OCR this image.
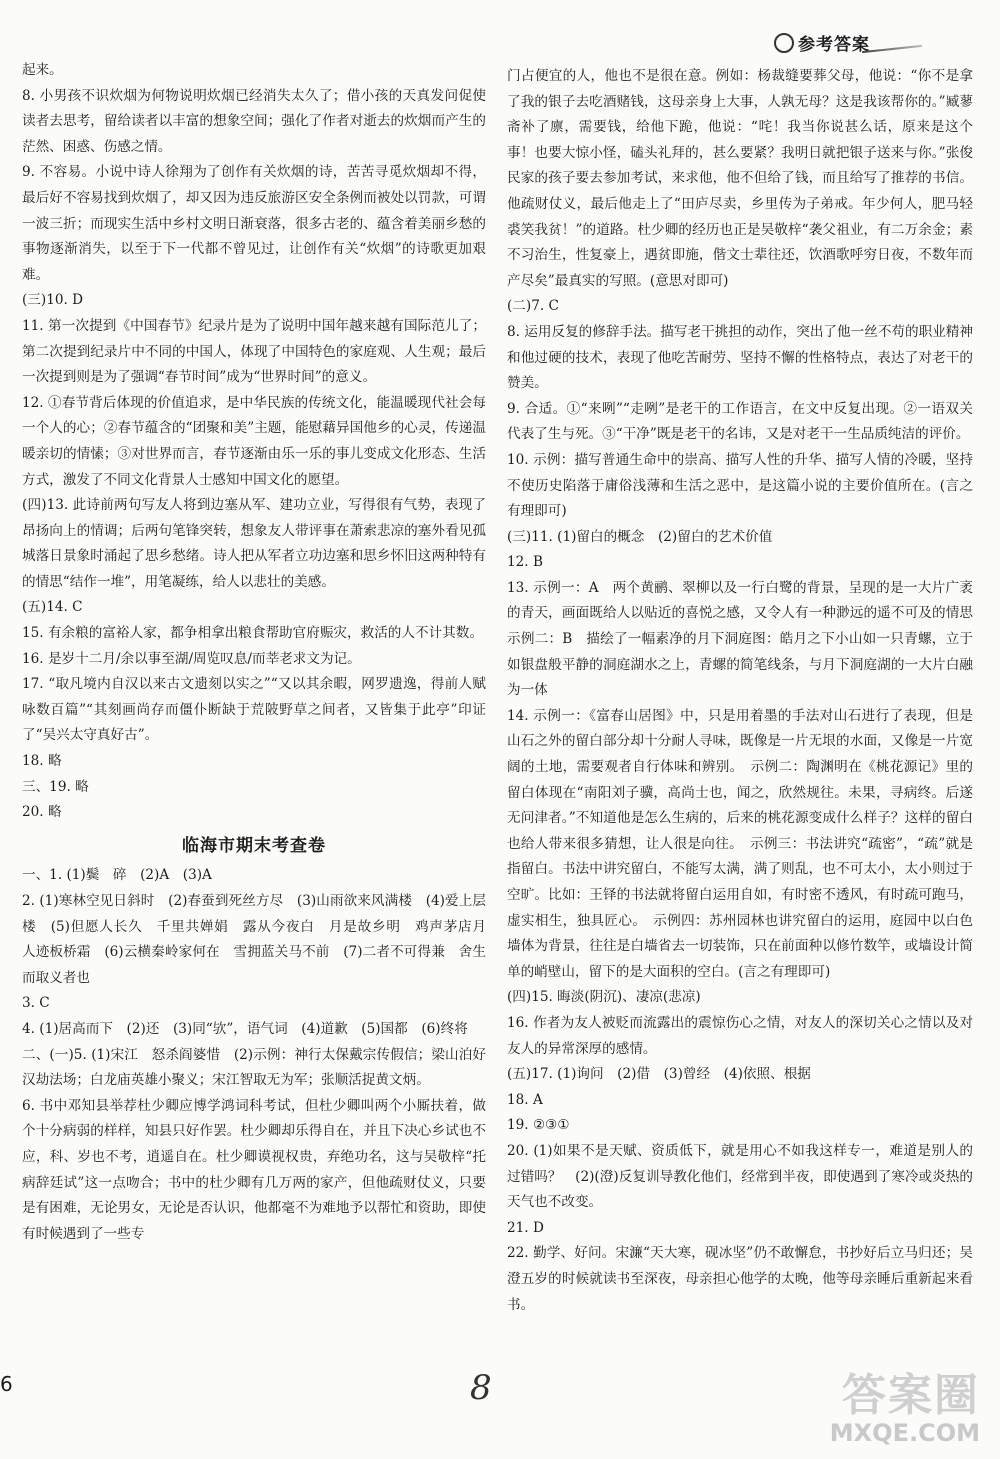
参考答案

起来。

8. 小男孩不识炊烟为何物说明炊烟已经消失太久了；借小孩的天真发问促使读者去思考，留给读者以丰富的想象空间；强化了作者对逝去的炊烟而产生的茫然、困惑、伤感之情。

9. 不容易。小说中诗人徐翔为了创作有关炊烟的诗，苦苦寻觅炊烟却不得，最后好不容易找到炊烟了，却又因为违反旅游区安全条例而被处以罚款，可谓一波三折；而现实生活中乡村文明日渐衰落，很多古老的、蕴含着美丽乡愁的事物逐渐消失，以至于下一代都不曾见过，让创作有关“炊烟”的诗歌更加艰难。

(三)10. D

11. 第一次提到《中国春节》纪录片是为了说明中国年越来越有国际范儿了；第二次提到纪录片中不同的中国人，体现了中国特色的家庭观、人生观；最后一次提到则是为了强调“春节时间”成为“世界时间”的意义。

12. ①春节背后体现的价值追求，是中华民族的传统文化，能温暖现代社会每一个人的心；②春节蕴含的“团聚和美”主题，能慰藉异国他乡的心灵，传递温暖亲切的情愫；③对世界而言，春节逐渐由乐一乐的事儿变成文化形态、生活方式，激发了不同文化背景人士感知中国文化的愿望。

(四)13. 此诗前两句写友人将到边塞从军、建功立业，写得很有气势，表现了昂扬向上的情调；后两句笔锋突转，想象友人带评事在萧索悲凉的塞外看见孤城落日景象时涌起了思乡愁绪。诗人把从军者立功边塞和思乡怀旧这两种特有的情思“结作一堆”，用笔凝练，给人以悲壮的美感。

(五)14. C

15. 有余粮的富裕人家，都争相拿出粮食帮助官府赈灾，救活的人不计其数。

16. 是岁十二月/余以事至湖/周览叹息/而莘老求文为记。

17. “取凡境内自汉以来古文遗刻以实之”“又以其余暇，网罗遗逸，得前人赋咏数百篇”“其刻画尚存而僵仆断缺于荒陂野草之间者，又皆集于此亭”印证了“吴兴太守真好古”。

18. 略

三、19. 略

20. 略

临海市期末考查卷

一、1. (1)鬓　碎　(2)A　(3)A

2. (1)寒林空见日斜时　(2)春蚕到死丝方尽　(3)山雨欲来风满楼　(4)爱上层楼　(5)但愿人长久　千里共婵娟　露从今夜白　月是故乡明　鸡声茅店月　人迹板桥霜　(6)云横秦岭家何在　雪拥蓝关马不前　(7)二者不可得兼　舍生而取义者也

3. C

4. (1)居高而下　(2)还　(3)同“欤”，语气词　(4)道歉　(5)国都　(6)终将

二、(一)5. (1)宋江　怒杀阎婆惜　(2)示例：神行太保戴宗传假信；梁山泊好汉劫法场；白龙庙英雄小聚义；宋江智取无为军；张顺活捉黄文炳。

6. 书中邓知县举荐杜少卿应博学鸿词科考试，但杜少卿叫两个小厮扶着，做个十分病弱的样样，知县只好作罢。杜少卿却乐得自在，并且下决心乡试也不应，科、岁也不考，逍遥自在。杜少卿谟视权贵，弃绝功名，这与吴敬梓“托病辞廷试”这一点吻合；书中的杜少卿有几万两的家产，但他疏财仗义，只要是有困难，无论男女，无论是否认识，他都毫不为难地予以帮忙和资助，即使有时候遇到了一些专

门占便宜的人，他也不是很在意。例如：杨裁缝要葬父母，他说：“你不是拿了我的银子去吃酒赌钱，这母亲身上大事，人孰无母？这是我该帮你的。”臧蓼斋补了廪，需要钱，给他下跪，他说：“咤！我当你说甚么话，原来是这个事！也要大惊小怪，磕头礼拜的，甚么要紧？我明日就把银子送来与你。”张俊民家的孩子要去参加考试，来求他，他不但给了钱，而且给写了推荐的书信。他疏财仗义，最后他走上了“田庐尽卖，乡里传为子弟戒。年少何人，肥马轻裘笑我贫！”的道路。杜少卿的经历也正是吴敬梓“袭父祖业，有二万余金；素不习治生，性复豪上，遇贫即施，偕文士辈往还，饮酒歌呼穷日夜，不数年而产尽矣”最真实的写照。(意思对即可)

(二)7. C

8. 运用反复的修辞手法。描写老干挑担的动作，突出了他一丝不苟的职业精神和他过硬的技术，表现了他吃苦耐劳、坚持不懈的性格特点，表达了对老干的赞美。

9. 合适。①“来咧”“走咧”是老干的工作语言，在文中反复出现。②一语双关代表了生与死。③“干净”既是老干的名讳，又是对老干一生品质纯洁的评价。

10. 示例：描写普通生命中的崇高、描写人性的升华、描写人情的冷暖，坚持不使历史陷落于庸俗浅薄和生活之恶中，是这篇小说的主要价值所在。(言之有理即可)

(三)11. (1)留白的概念　(2)留白的艺术价值

12. B

13. 示例一：A　两个黄鹂、翠柳以及一行白鹭的背景，呈现的是一大片广袤的青天，画面既给人以贴近的喜悦之感，又令人有一种渺远的遥不可及的情思　示例二：B　描绘了一幅素净的月下洞庭图：皓月之下小山如一只青螺，立于如银盘般平静的洞庭湖水之上，青螺的简笔线条，与月下洞庭湖的一大片白融为一体

14. 示例一：《富春山居图》中，只是用着墨的手法对山石进行了表现，但是山石之外的留白部分却十分耐人寻味，既像是一片无垠的水面，又像是一片宽阔的土地，需要观者自行体味和辨别。　示例二：陶渊明在《桃花源记》里的留白体现在“南阳刘子骥，高尚士也，闻之，欣然规往。未果，寻病终。后遂无问津者。”不知道他是怎么生病的，后来的桃花源变成什么样子？这样的留白也给人带来很多猜想，让人很是向往。　示例三：书法讲究“疏密”，“疏”就是指留白。书法中讲究留白，不能写太满，满了则乱，也不可太小，太小则过于空旷。比如：王铎的书法就将留白运用自如，有时密不透风，有时疏可跑马，虚实相生，独具匠心。　示例四：苏州园林也讲究留白的运用，庭园中以白色墙体为背景，往往是白墙省去一切装饰，只在前面种以修竹数竿，或墙设计简单的峭壁山，留下的是大面积的空白。(言之有理即可)

(四)15. 晦淡(阴沉)、凄凉(悲凉)

16. 作者为友人被贬而流露出的震惊伤心之情，对友人的深切关心之情以及对友人的异常深厚的感情。

(五)17. (1)询问　(2)借　(3)曾经　(4)依照、根据

18. A

19. ②③①

20. (1)如果不是天赋、资质低下，就是用心不如我这样专一，难道是别人的过错吗？　(2)(澄)反复训导教化他们，经常到半夜，即使遇到了寒冷或炎热的天气也不改变。

21. D

22. 勤学、好问。宋濂“天大寒，砚冰坚”仍不敢懈怠，书抄好后立马归还；吴澄五岁的时候就读书至深夜，母亲担心他学的太晚，他等母亲睡后重新起来看书。

6	8	答案圈
MXQE.COM
